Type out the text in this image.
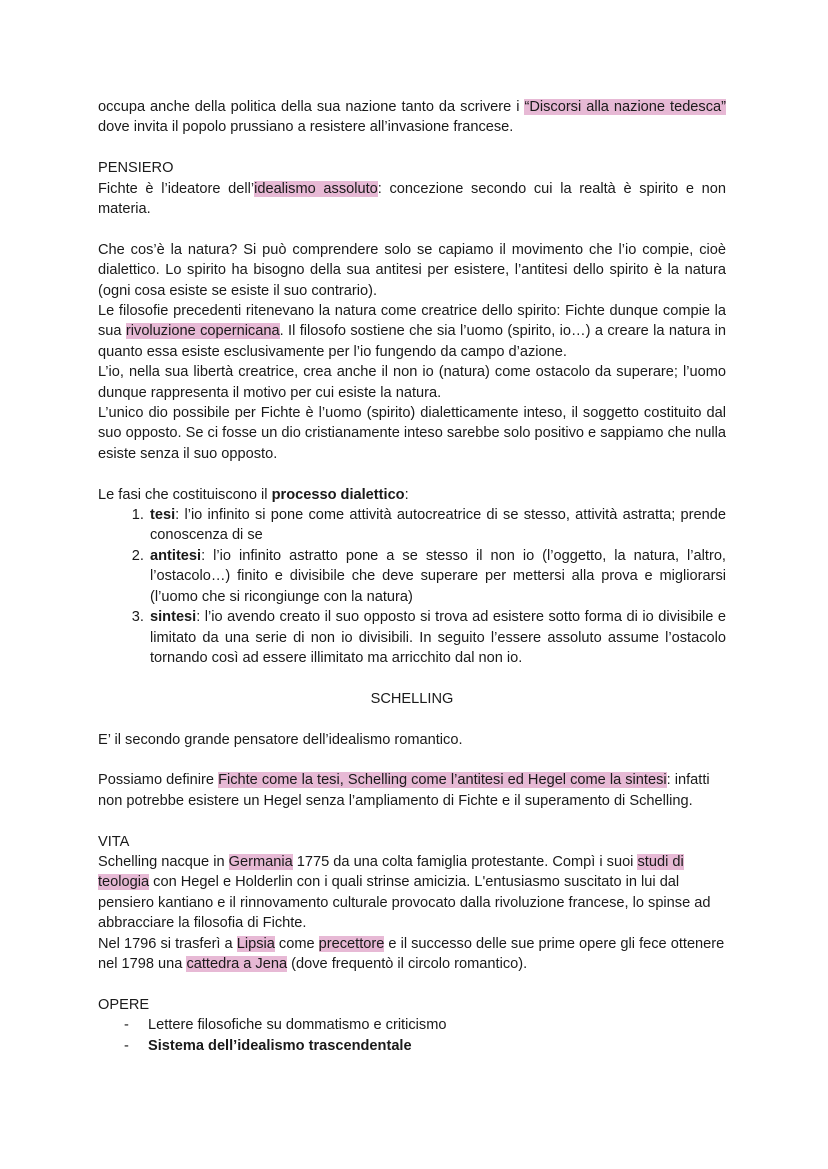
occupa anche della politica della sua nazione tanto da scrivere i “Discorsi alla nazione tedesca” dove invita il popolo prussiano a resistere all’invasione francese.

PENSIERO

Fichte è l’ideatore dell’idealismo assoluto: concezione secondo cui la realtà è spirito e non materia.

Che cos’è la natura? Si può comprendere solo se capiamo il movimento che l’io compie, cioè dialettico. Lo spirito ha bisogno della sua antitesi per esistere, l’antitesi dello spirito è la natura (ogni cosa esiste se esiste il suo contrario).

Le filosofie precedenti ritenevano la natura come creatrice dello spirito: Fichte dunque compie la sua rivoluzione copernicana. Il filosofo sostiene che sia l’uomo (spirito, io…) a creare la natura in quanto essa esiste esclusivamente per l’io fungendo da campo d’azione.

L’io, nella sua libertà creatrice, crea anche il non io (natura) come ostacolo da superare; l’uomo dunque rappresenta il motivo per cui esiste la natura.

L’unico dio possibile per Fichte è l’uomo (spirito) dialetticamente inteso, il soggetto costituito dal suo opposto. Se ci fosse un dio cristianamente inteso sarebbe solo positivo e sappiamo che nulla esiste senza il suo opposto.

Le fasi che costituiscono il processo dialettico:

1. tesi: l’io infinito si pone come attività autocreatrice di se stesso, attività astratta; prende conoscenza di se
2. antitesi: l’io infinito astratto pone a se stesso il non io (l’oggetto, la natura, l’altro, l’ostacolo…) finito e divisibile che deve superare per mettersi alla prova e migliorarsi (l’uomo che si ricongiunge con la natura)
3. sintesi: l’io avendo creato il suo opposto si trova ad esistere sotto forma di io divisibile e limitato da una serie di non io divisibili. In seguito l’essere assoluto assume l’ostacolo tornando così ad essere illimitato ma arricchito dal non io.

SCHELLING

E’ il secondo grande pensatore dell’idealismo romantico.

Possiamo definire Fichte come la tesi, Schelling come l’antitesi ed Hegel come la sintesi: infatti non potrebbe esistere un Hegel senza l’ampliamento di Fichte e il superamento di Schelling.

VITA

Schelling nacque in Germania 1775 da una colta famiglia protestante. Compì i suoi studi di teologia con Hegel e Holderlin con i quali strinse amicizia. L'entusiasmo suscitato in lui dal pensiero kantiano e il rinnovamento culturale provocato dalla rivoluzione francese, lo spinse ad abbracciare la filosofia di Fichte.

Nel 1796 si trasferì a Lipsia come precettore e il successo delle sue prime opere gli fece ottenere nel 1798 una cattedra a Jena (dove frequentò il circolo romantico).

OPERE

- Lettere filosofiche su dommatismo e criticismo
- Sistema dell’idealismo trascendentale
